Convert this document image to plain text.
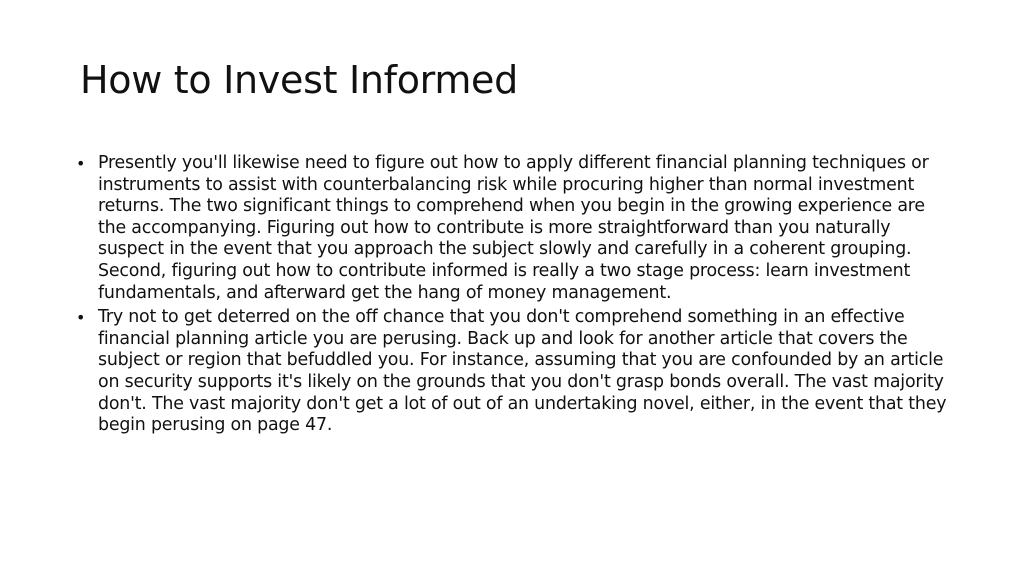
How to Invest Informed
• Presently you'll likewise need to figure out how to apply different financial planning techniques or instruments to assist with counterbalancing risk while procuring higher than normal investment returns. The two significant things to comprehend when you begin in the growing experience are the accompanying. Figuring out how to contribute is more straightforward than you naturally suspect in the event that you approach the subject slowly and carefully in a coherent grouping. Second, figuring out how to contribute informed is really a two stage process: learn investment fundamentals, and afterward get the hang of money management.
• Try not to get deterred on the off chance that you don't comprehend something in an effective financial planning article you are perusing. Back up and look for another article that covers the subject or region that befuddled you. For instance, assuming that you are confounded by an article on security supports it's likely on the grounds that you don't grasp bonds overall. The vast majority don't. The vast majority don't get a lot of out of an undertaking novel, either, in the event that they begin perusing on page 47.
